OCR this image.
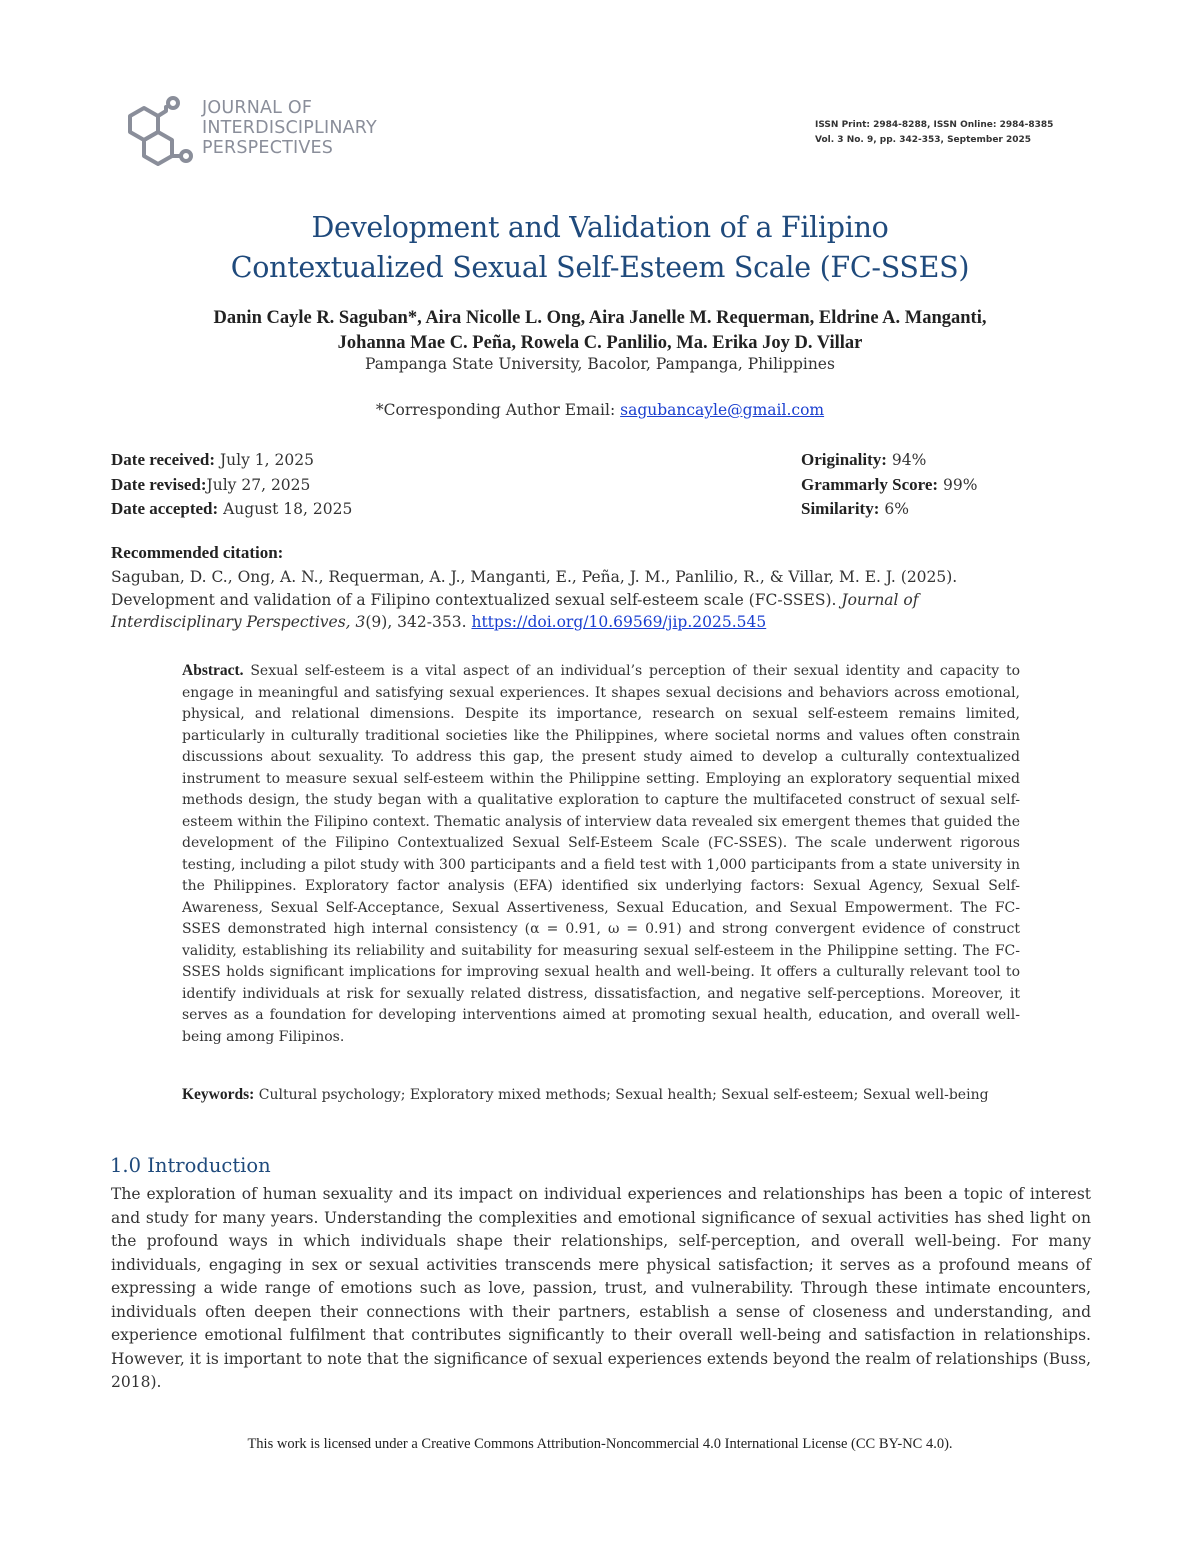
JOURNAL OF
INTERDISCIPLINARY
PERSPECTIVES
ISSN Print: 2984-8288, ISSN Online: 2984-8385
Vol. 3 No. 9, pp. 342-353, September 2025
Development and Validation of a Filipino
Contextualized Sexual Self-Esteem Scale (FC-SSES)
Danin Cayle R. Saguban*, Aira Nicolle L. Ong, Aira Janelle M. Requerman, Eldrine A. Manganti,
Johanna Mae C. Peña, Rowela C. Panlilio, Ma. Erika Joy D. Villar
Pampanga State University, Bacolor, Pampanga, Philippines
*Corresponding Author Email: sagubancayle@gmail.com
Date received: July 1, 2025
Date revised:July 27, 2025
Date accepted: August 18, 2025
Originality: 94%
Grammarly Score: 99%
Similarity: 6%
Recommended citation:
Saguban, D. C., Ong, A. N., Requerman, A. J., Manganti, E., Peña, J. M., Panlilio, R., & Villar, M. E. J. (2025). Development and validation of a Filipino contextualized sexual self-esteem scale (FC-SSES). Journal of Interdisciplinary Perspectives, 3(9), 342-353. https://doi.org/10.69569/jip.2025.545
Abstract. Sexual self-esteem is a vital aspect of an individual’s perception of their sexual identity and capacity to engage in meaningful and satisfying sexual experiences. It shapes sexual decisions and behaviors across emotional, physical, and relational dimensions. Despite its importance, research on sexual self-esteem remains limited, particularly in culturally traditional societies like the Philippines, where societal norms and values often constrain discussions about sexuality. To address this gap, the present study aimed to develop a culturally contextualized instrument to measure sexual self-esteem within the Philippine setting. Employing an exploratory sequential mixed methods design, the study began with a qualitative exploration to capture the multifaceted construct of sexual self-esteem within the Filipino context. Thematic analysis of interview data revealed six emergent themes that guided the development of the Filipino Contextualized Sexual Self-Esteem Scale (FC-SSES). The scale underwent rigorous testing, including a pilot study with 300 participants and a field test with 1,000 participants from a state university in the Philippines. Exploratory factor analysis (EFA) identified six underlying factors: Sexual Agency, Sexual Self-Awareness, Sexual Self-Acceptance, Sexual Assertiveness, Sexual Education, and Sexual Empowerment. The FC-SSES demonstrated high internal consistency (α = 0.91, ω = 0.91) and strong convergent evidence of construct validity, establishing its reliability and suitability for measuring sexual self-esteem in the Philippine setting. The FC-SSES holds significant implications for improving sexual health and well-being. It offers a culturally relevant tool to identify individuals at risk for sexually related distress, dissatisfaction, and negative self-perceptions. Moreover, it serves as a foundation for developing interventions aimed at promoting sexual health, education, and overall well-being among Filipinos.
Keywords: Cultural psychology; Exploratory mixed methods; Sexual health; Sexual self-esteem; Sexual well-being
1.0 Introduction
The exploration of human sexuality and its impact on individual experiences and relationships has been a topic of interest and study for many years. Understanding the complexities and emotional significance of sexual activities has shed light on the profound ways in which individuals shape their relationships, self-perception, and overall well-being. For many individuals, engaging in sex or sexual activities transcends mere physical satisfaction; it serves as a profound means of expressing a wide range of emotions such as love, passion, trust, and vulnerability. Through these intimate encounters, individuals often deepen their connections with their partners, establish a sense of closeness and understanding, and experience emotional fulfilment that contributes significantly to their overall well-being and satisfaction in relationships. However, it is important to note that the significance of sexual experiences extends beyond the realm of relationships (Buss, 2018).
This work is licensed under a Creative Commons Attribution-Noncommercial 4.0 International License (CC BY-NC 4.0).
